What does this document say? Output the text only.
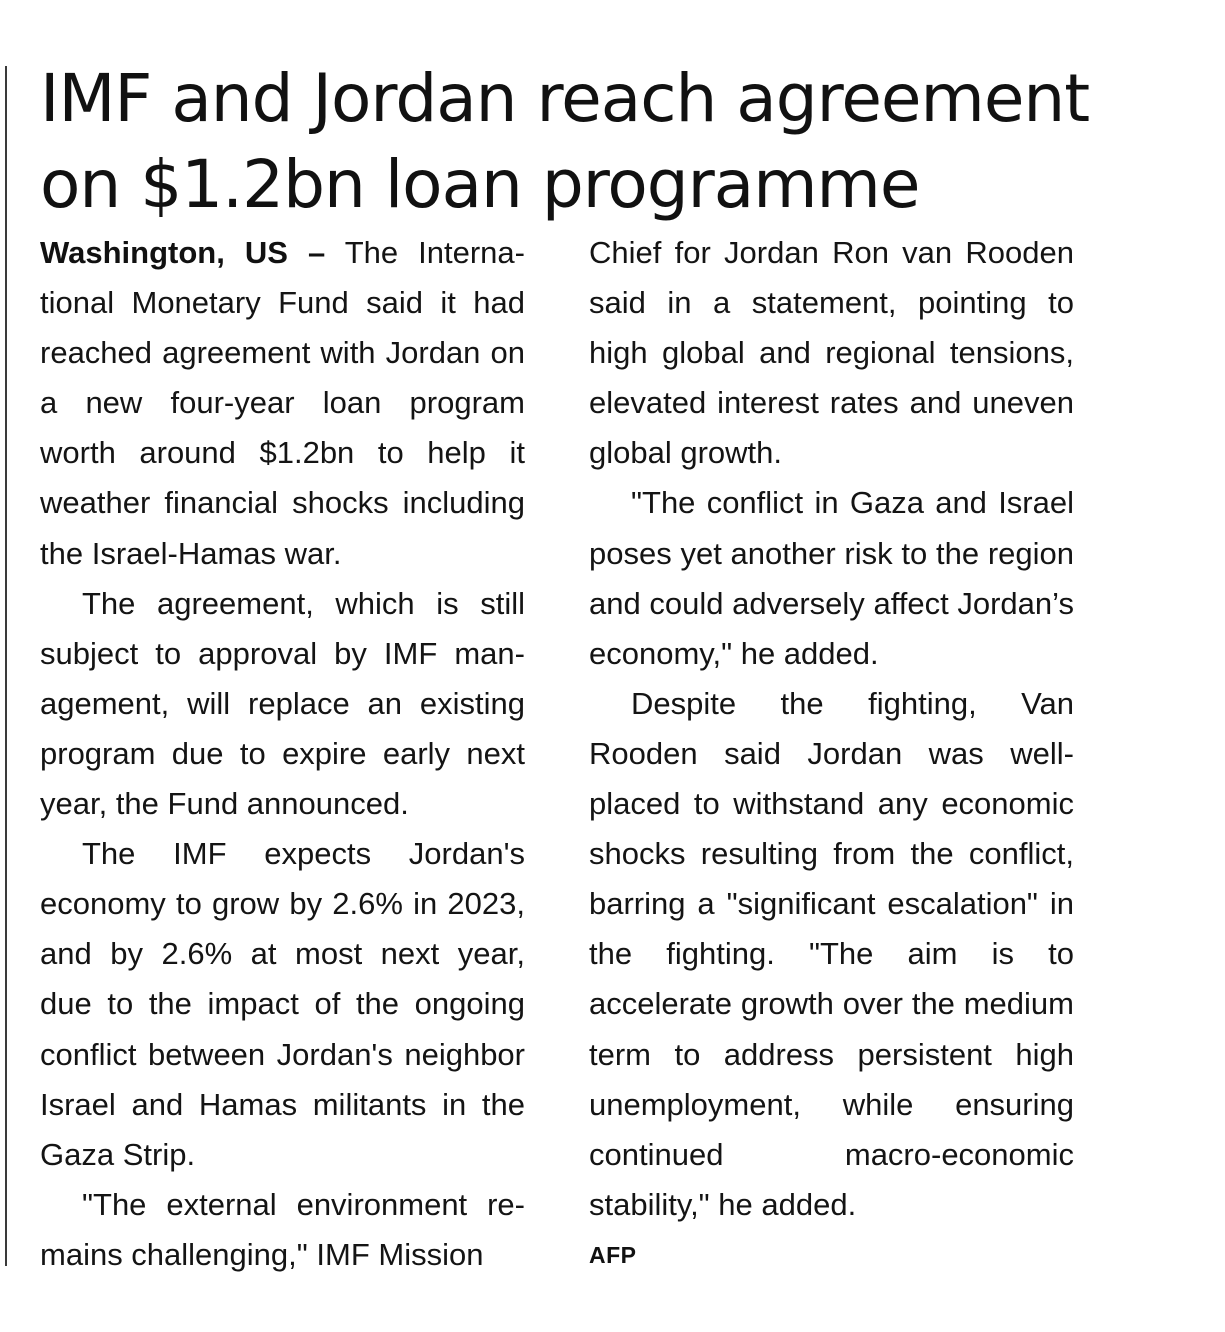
IMF and Jordan reach agreement
on $1.2bn loan programme

Washington, US – The International Monetary Fund said it had reached agreement with Jordan on a new four-year loan program worth around $1.2bn to help it weather financial shocks including the Israel-Hamas war.

The agreement, which is still subject to approval by IMF management, will replace an existing program due to expire early next year, the Fund announced.

The IMF expects Jordan's economy to grow by 2.6% in 2023, and by 2.6% at most next year, due to the impact of the ongoing conflict between Jordan's neighbor Israel and Hamas militants in the Gaza Strip.

"The external environment remains challenging," IMF Mission

Chief for Jordan Ron van Rooden said in a statement, pointing to high global and regional tensions, elevated interest rates and uneven global growth.

"The conflict in Gaza and Israel poses yet another risk to the region and could adversely affect Jordan’s economy," he added.

Despite the fighting, Van Rooden said Jordan was well-placed to withstand any economic shocks resulting from the conflict, barring a "significant escalation" in the fighting. "The aim is to accelerate growth over the medium term to address persistent high unemployment, while ensuring continued macro-economic stability," he added.

AFP
